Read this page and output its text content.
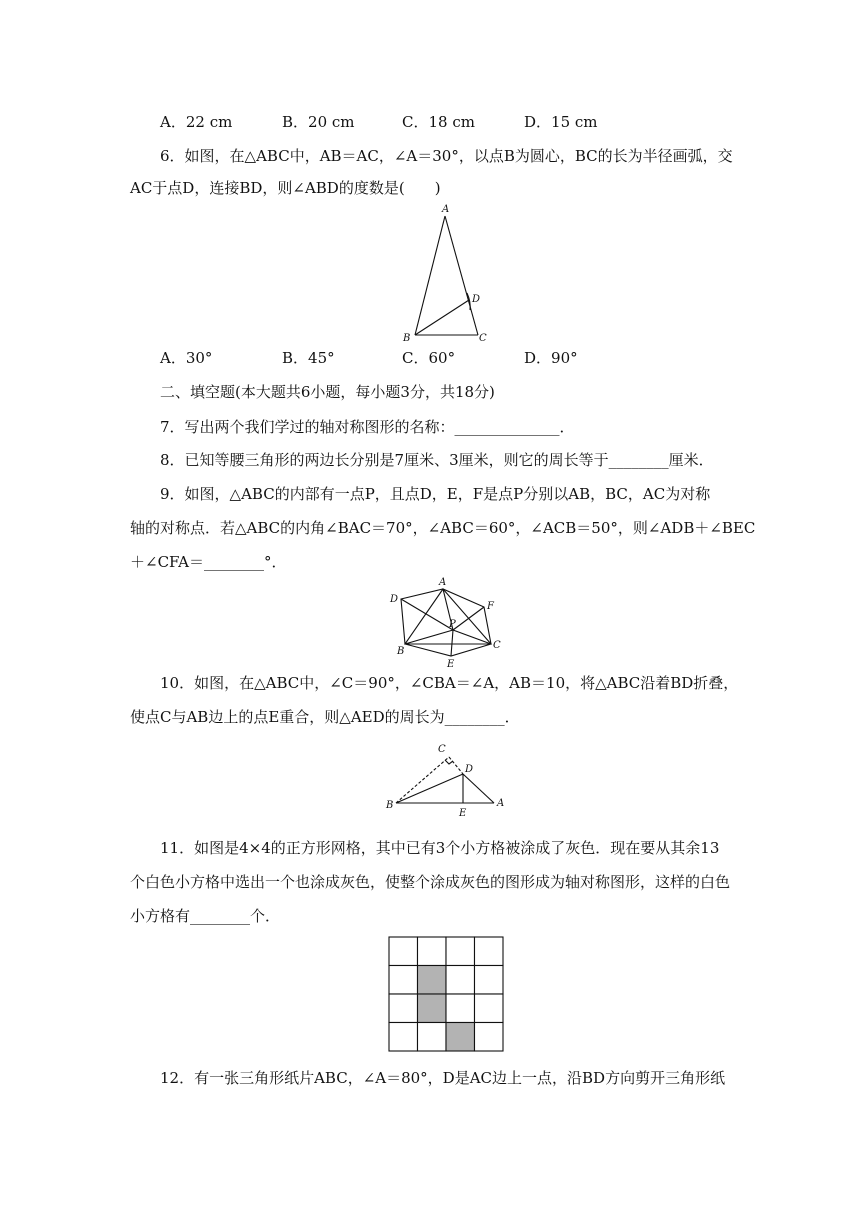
A．22 cm	B．20 cm	C．18 cm	D．15 cm
6．如图，在△ABC中，AB＝AC，∠A＝30°，以点B为圆心，BC的长为半径画弧，交
AC于点D，连接BD，则∠ABD的度数是(　　)
A
B	C
D
A．30°	B．45°	C．60°	D．90°
二、填空题(本大题共6小题，每小题3分，共18分)
7．写出两个我们学过的轴对称图形的名称：______________．
8．已知等腰三角形的两边长分别是7厘米、3厘米，则它的周长等于________厘米．
9．如图，△ABC的内部有一点P，且点D，E，F是点P分别以AB，BC，AC为对称
轴的对称点．若△ABC的内角∠BAC＝70°，∠ABC＝60°，∠ACB＝50°，则∠ADB＋∠BEC
＋∠CFA＝________°．
A
B
C
D
E
F
P
10．如图，在△ABC中，∠C＝90°，∠CBA＝∠A，AB＝10，将△ABC沿着BD折叠，
使点C与AB边上的点E重合，则△AED的周长为________．
C
D
B
E
A
11．如图是4×4的正方形网格，其中已有3个小方格被涂成了灰色．现在要从其余13
个白色小方格中选出一个也涂成灰色，使整个涂成灰色的图形成为轴对称图形，这样的白色
小方格有________个．
12．有一张三角形纸片ABC，∠A＝80°，D是AC边上一点，沿BD方向剪开三角形纸
